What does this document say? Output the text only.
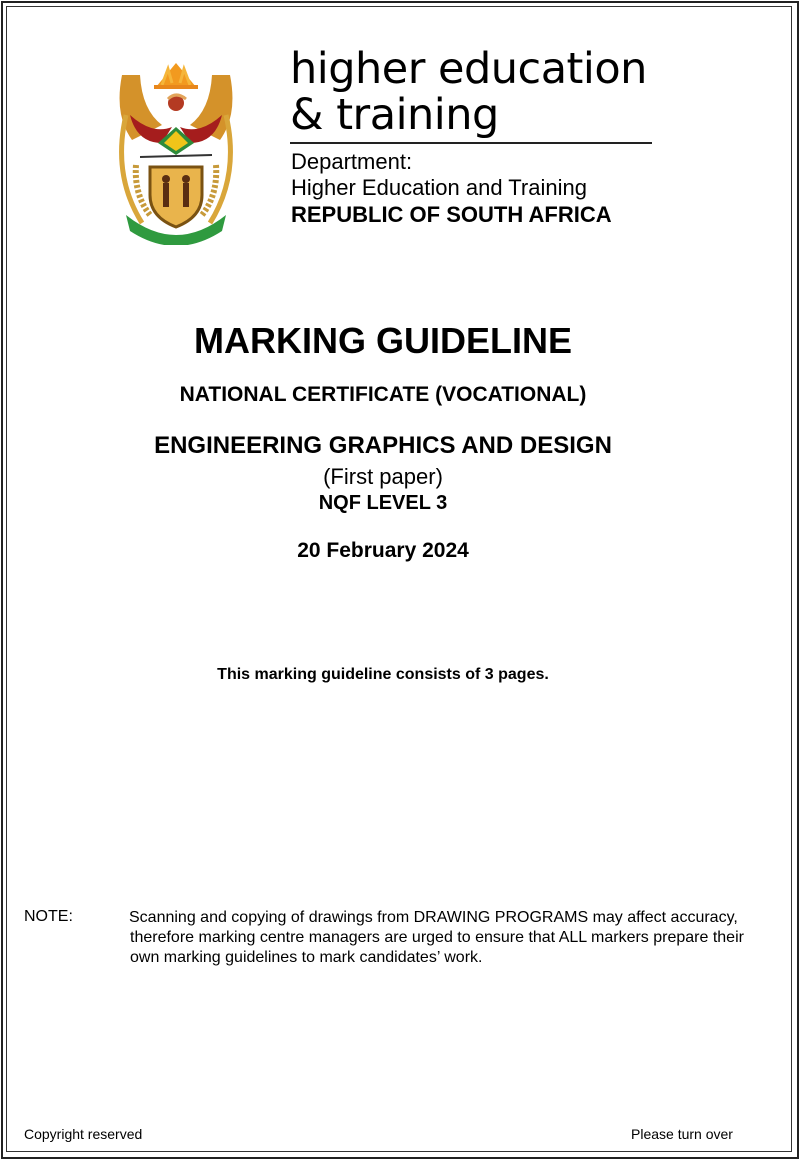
higher education
& training
Department:
Higher Education and Training
REPUBLIC OF SOUTH AFRICA
MARKING GUIDELINE
NATIONAL CERTIFICATE (VOCATIONAL)
ENGINEERING GRAPHICS AND DESIGN
(First paper)
NQF LEVEL 3
20 February 2024
This marking guideline consists of 3 pages.
NOTE:	Scanning and copying of drawings from DRAWING PROGRAMS may affect accuracy, therefore marking centre managers are urged to ensure that ALL markers prepare their own marking guidelines to mark candidates’ work.
Copyright reserved	Please turn over
